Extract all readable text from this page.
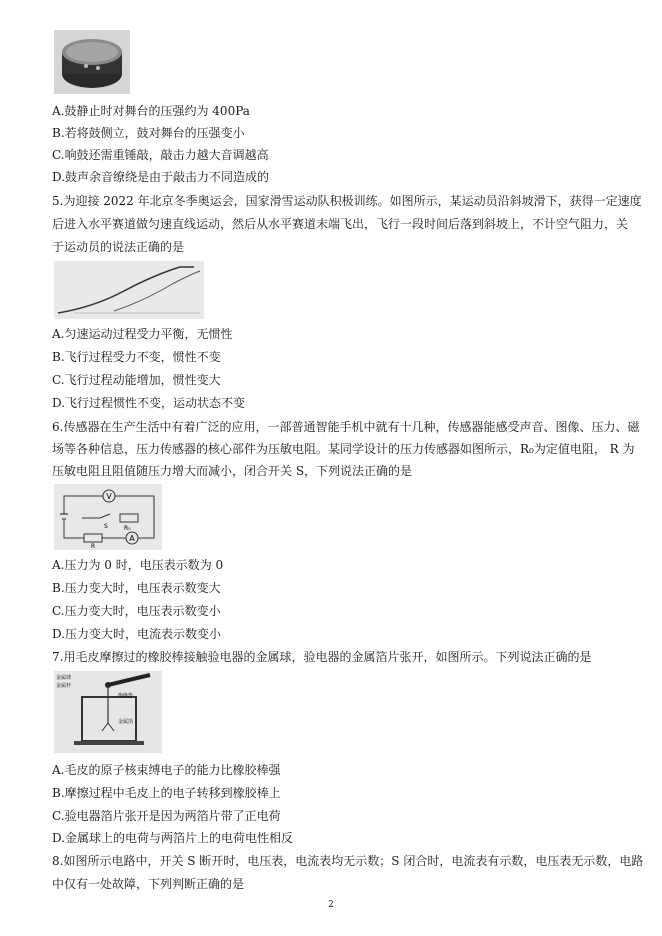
A.鼓静止时对舞台的压强约为 400Pa
B.若将鼓侧立，鼓对舞台的压强变小
C.响鼓还需重锤敲，敲击力越大音调越高
D.鼓声余音缭绕是由于敲击力不同造成的
5.为迎接 2022 年北京冬季奥运会，国家滑雪运动队积极训练。如图所示，某运动员沿斜坡滑下，获得一定速度
后进入水平赛道做匀速直线运动，然后从水平赛道末端飞出，飞行一段时间后落到斜坡上，不计空气阻力，关
于运动员的说法正确的是
A.匀速运动过程受力平衡，无惯性
B.飞行过程受力不变，惯性不变
C.飞行过程动能增加，惯性变大
D.飞行过程惯性不变，运动状态不变
6.传感器在生产生活中有着广泛的应用，一部普通智能手机中就有十几种，传感器能感受声音、图像、压力、磁
场等各种信息，压力传感器的核心部件为压敏电阻。某同学设计的压力传感器如图所示，R₀为定值电阻， R 为
压敏电阻且阻值随压力增大而减小，闭合开关 S，下列说法正确的是
V
S	R₀
R
A
A.压力为 0 时，电压表示数为 0
B.压力变大时，电压表示数变大
C.压力变大时，电压表示数变小
D.压力变大时，电流表示数变小
7.用毛皮摩擦过的橡胶棒接触验电器的金属球，验电器的金属箔片张开，如图所示。下列说法正确的是
金属球
金属杆
绝缘垫
金属箔
A.毛皮的原子核束缚电子的能力比橡胶棒强
B.摩擦过程中毛皮上的电子转移到橡胶棒上
C.验电器箔片张开是因为两箔片带了正电荷
D.金属球上的电荷与两箔片上的电荷电性相反
8.如图所示电路中，开关 S 断开时，电压表，电流表均无示数；S 闭合时，电流表有示数，电压表无示数，电路
中仅有一处故障，下列判断正确的是
2
